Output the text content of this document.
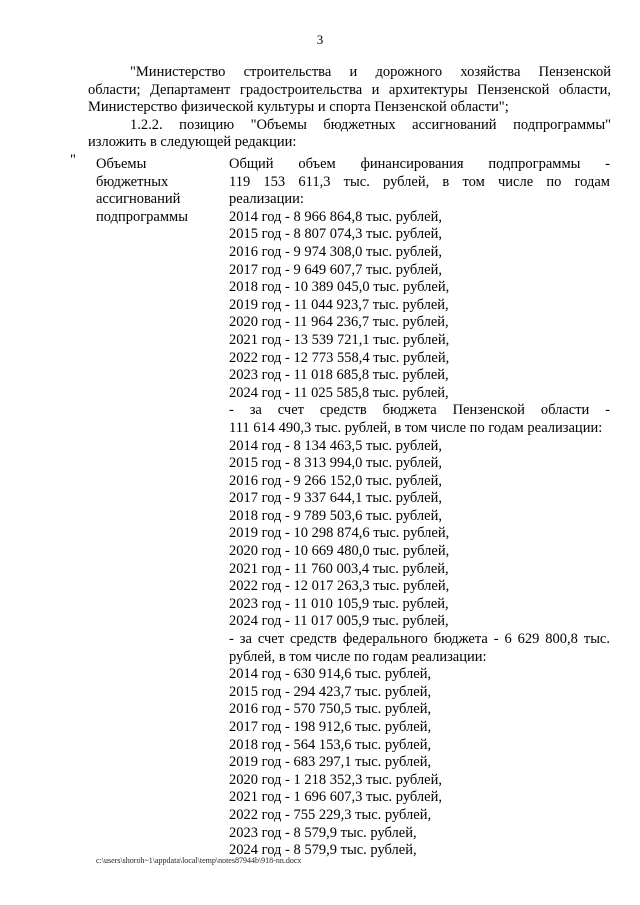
3

"Министерство строительства и дорожного хозяйства Пензенской

области; Департамент градостроительства и архитектуры Пензенской области,

Министерство физической культуры и спорта Пензенской области";

1.2.2. позицию "Объемы бюджетных ассигнований подпрограммы"

изложить в следующей редакции:

" Объемы
бюджетных
ассигнований
подпрограммы
Общий объем финансирования подпрограммы -
119 153 611,3 тыс. рублей, в том числе по годам
реализации:
2014 год - 8 966 864,8 тыс. рублей,
2015 год - 8 807 074,3 тыс. рублей,
2016 год - 9 974 308,0 тыс. рублей,
2017 год - 9 649 607,7 тыс. рублей,
2018 год - 10 389 045,0 тыс. рублей,
2019 год - 11 044 923,7 тыс. рублей,
2020 год - 11 964 236,7 тыс. рублей,
2021 год - 13 539 721,1 тыс. рублей,
2022 год - 12 773 558,4 тыс. рублей,
2023 год - 11 018 685,8 тыс. рублей,
2024 год - 11 025 585,8 тыс. рублей,
- за счет средств бюджета Пензенской области -
111 614 490,3 тыс. рублей, в том числе по годам реализации:
2014 год - 8 134 463,5 тыс. рублей,
2015 год - 8 313 994,0 тыс. рублей,
2016 год - 9 266 152,0 тыс. рублей,
2017 год - 9 337 644,1 тыс. рублей,
2018 год - 9 789 503,6 тыс. рублей,
2019 год - 10 298 874,6 тыс. рублей,
2020 год - 10 669 480,0 тыс. рублей,
2021 год - 11 760 003,4 тыс. рублей,
2022 год - 12 017 263,3 тыс. рублей,
2023 год - 11 010 105,9 тыс. рублей,
2024 год - 11 017 005,9 тыс. рублей,
- за счет средств федерального бюджета - 6 629 800,8 тыс.
рублей, в том числе по годам реализации:
2014 год - 630 914,6 тыс. рублей,
2015 год - 294 423,7 тыс. рублей,
2016 год - 570 750,5 тыс. рублей,
2017 год - 198 912,6 тыс. рублей,
2018 год - 564 153,6 тыс. рублей,
2019 год - 683 297,1 тыс. рублей,
2020 год - 1 218 352,3 тыс. рублей,
2021 год - 1 696 607,3 тыс. рублей,
2022 год - 755 229,3 тыс. рублей,
2023 год - 8 579,9 тыс. рублей,
2024 год - 8 579,9 тыс. рублей,
c:\users\shoroh~1\appdata\local\temp\notes87944b\918-nn.docx
